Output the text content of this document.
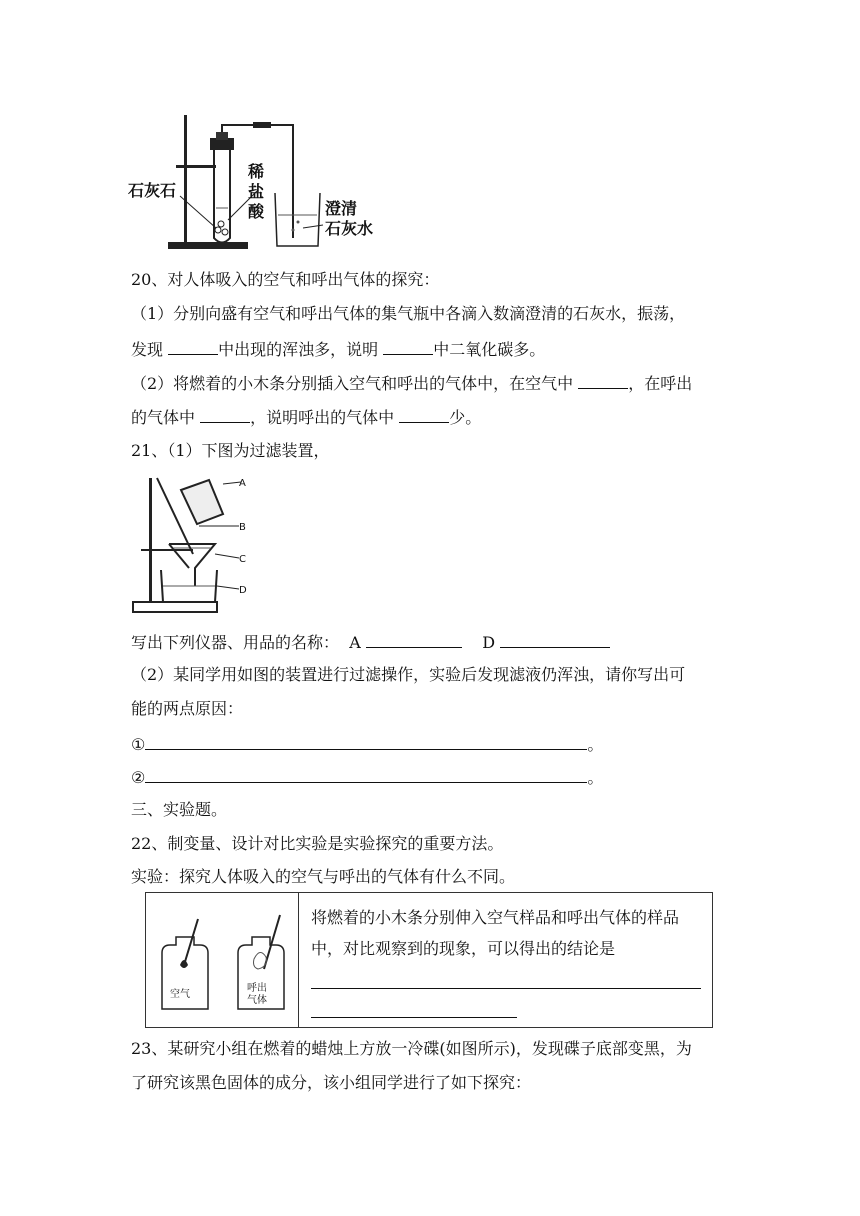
石灰石
稀
盐
酸	澄清
石灰水
20、对人体吸入的空气和呼出气体的探究：
（1）分别向盛有空气和呼出气体的集气瓶中各滴入数滴澄清的石灰水，振荡，
发现	中出现的浑浊多，说明	中二氧化碳多。
（2）将燃着的小木条分别插入空气和呼出的气体中，在空气中	，在呼出
的气体中	，说明呼出的气体中	少。
21、（1）下图为过滤装置，
A
B
C
D
写出下列仪器、用品的名称： A	D
（2）某同学用如图的装置进行过滤操作，实验后发现滤液仍浑浊，请你写出可
能的两点原因：
①	。
②	。
三、实验题。
22、制变量、设计对比实验是实验探究的重要方法。
实验：探究人体吸入的空气与呼出的气体有什么不同。
空气
呼出
气体
将燃着的小木条分别伸入空气样品和呼出气体的样品中，对比观察到的现象，可以得出的结论是
23、某研究小组在燃着的蜡烛上方放一冷碟(如图所示)，发现碟子底部变黑，为
了研究该黑色固体的成分，该小组同学进行了如下探究：
